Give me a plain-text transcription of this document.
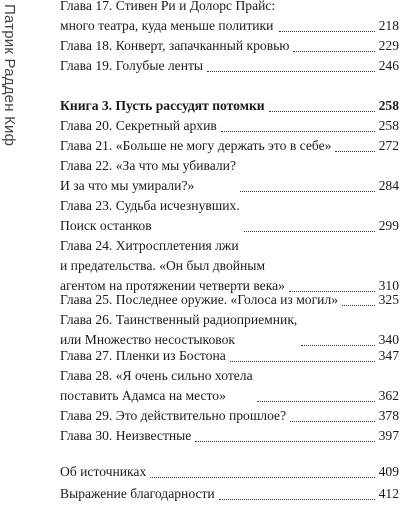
Патрик Радден Киф	Глава 17. Стивен Ри и Долорс Прайс:
много театра, куда меньше политики	218
Глава 18. Конверт, запачканный кровью	229
Глава 19. Голубые ленты	246
Книга 3. Пусть рассудят потомки	258
Глава 20. Секретный архив	258
Глава 21. «Больше не могу держать это в себе»	272
Глава 22. «За что мы убивали?
И за что мы умирали?»	284
Глава 23. Судьба исчезнувших.
Поиск останков	299
Глава 24. Хитросплетения лжи
и предательства. «Он был двойным
агентом на протяжении четверти века»	310
Глава 25. Последнее оружие. «Голоса из могил»	325
Глава 26. Таинственный радиоприемник,
или Множество несостыковок	340
Глава 27. Пленки из Бостона	347
Глава 28. «Я очень сильно хотела
поставить Адамса на место»	362
Глава 29. Это действительно прошлое?	378
Глава 30. Неизвестные	397
Об источниках	409
Выражение благодарности	412
